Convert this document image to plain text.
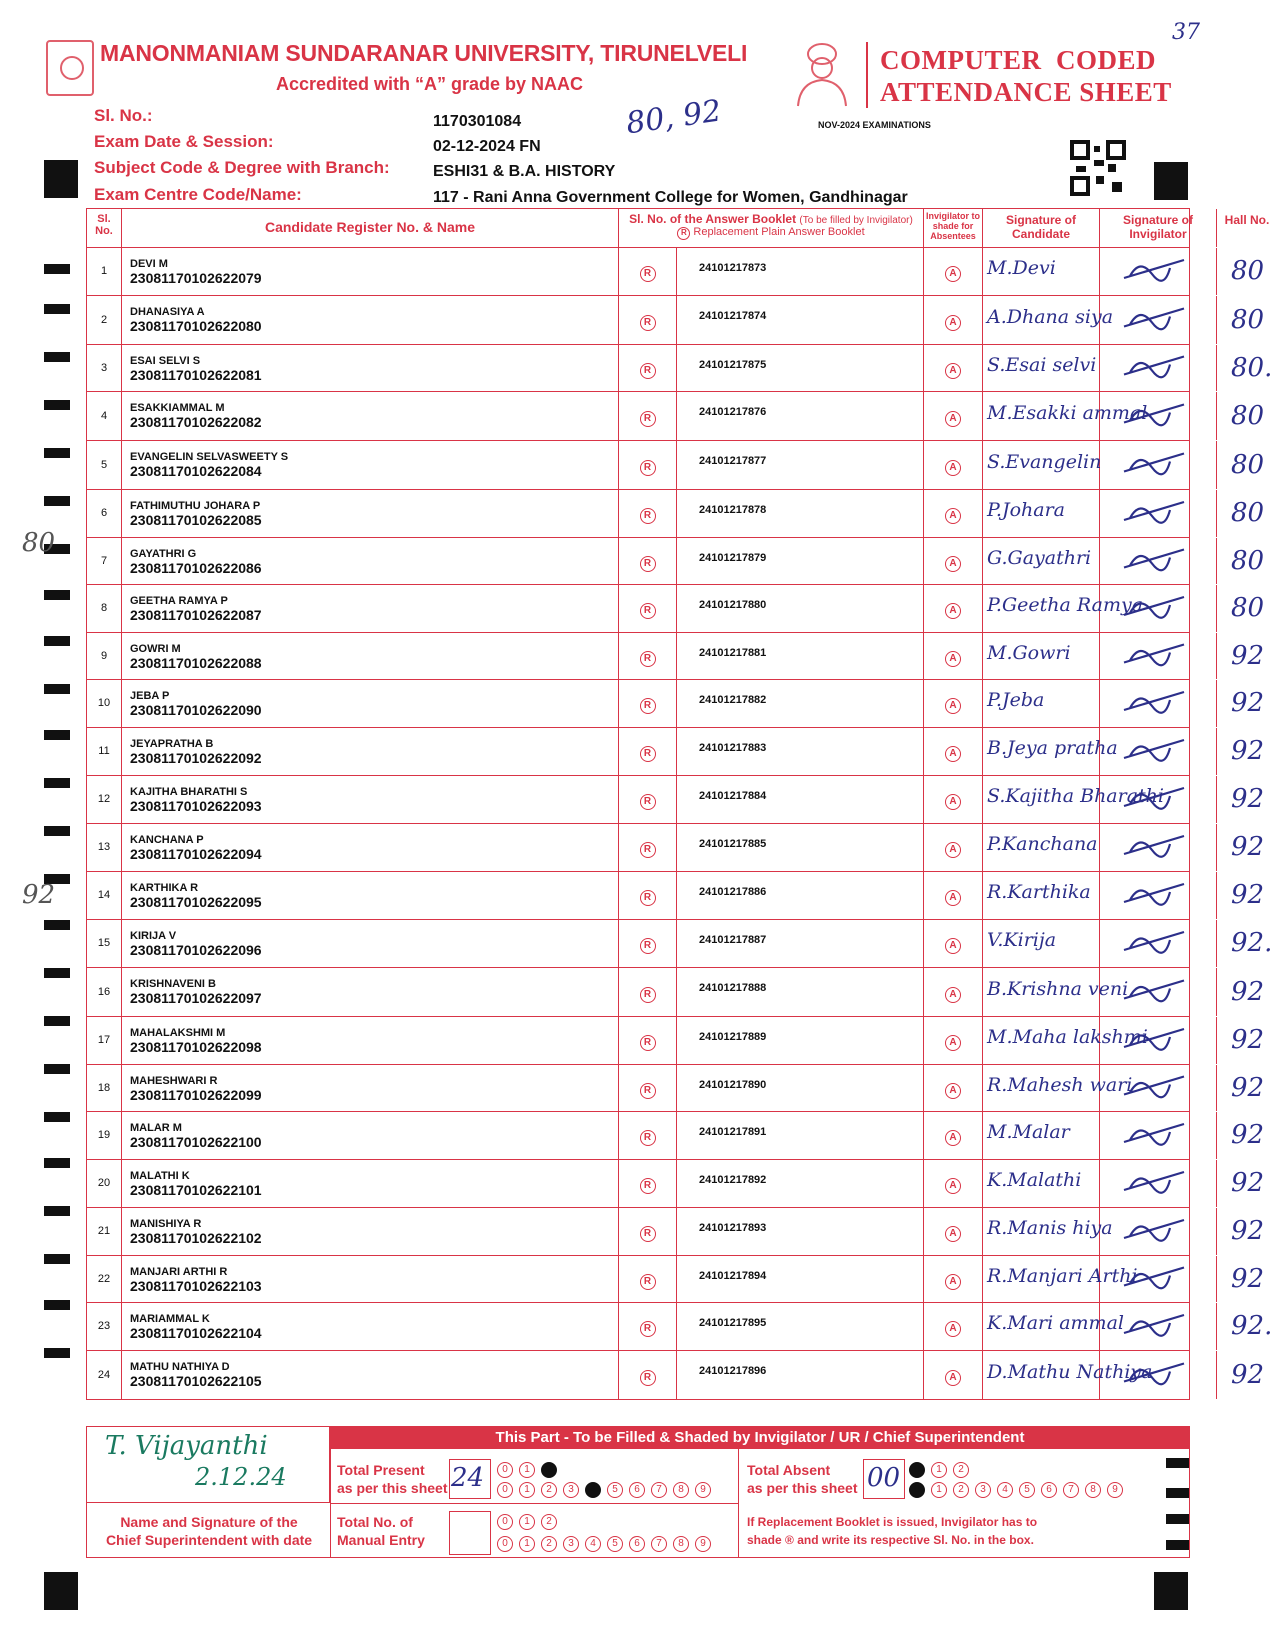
37
MANONMANIAM SUNDARANAR UNIVERSITY, TIRUNELVELI
Accredited with “A” grade by NAAC
COMPUTER  CODED
ATTENDANCE SHEET
NOV-2024 EXAMINATIONS
Sl. No.:	1170301084
Exam Date & Session:	02-12-2024 FN
80, 92
Subject Code & Degree with Branch:	ESHI31 & B.A. HISTORY
Exam Centre Code/Name:	117 - Rani Anna Government College for Women, Gandhinagar
80
92
Sl. No.	Candidate Register No. & Name	Sl. No. of the Answer Booklet (To be filled by Invigilator)
R Replacement Plain Answer Booklet
Invigilator to shade for Absentees
Signature of Candidate
Signature of Invigilator
Hall No.
1
DEVI M
23081170102622079	R	24101217873	A	M.Devi	80
2
DHANASIYA A
23081170102622080	R	24101217874	A	A.Dhana siya	80
3
ESAI SELVI S
23081170102622081	R	24101217875	A	S.Esai selvi	80.
4
ESAKKIAMMAL M
23081170102622082	R	24101217876	A	M.Esakki ammal	80
5
EVANGELIN SELVASWEETY S
23081170102622084	R	24101217877	A	S.Evangelin	80
6
FATHIMUTHU JOHARA P
23081170102622085	R	24101217878	A	P.Johara	80
7
GAYATHRI G
23081170102622086	R	24101217879	A	G.Gayathri	80
8
GEETHA RAMYA P
23081170102622087	R	24101217880	A	P.Geetha Ramya	80
9
GOWRI M
23081170102622088	R	24101217881	A	M.Gowri	92
10
JEBA P
23081170102622090	R	24101217882	A	P.Jeba	92
11
JEYAPRATHA B
23081170102622092	R	24101217883	A	B.Jeya pratha	92
12
KAJITHA BHARATHI S
23081170102622093	R	24101217884	A	S.Kajitha Bharathi	92
13
KANCHANA P
23081170102622094	R	24101217885	A	P.Kanchana	92
14
KARTHIKA R
23081170102622095	R	24101217886	A	R.Karthika	92
15
KIRIJA V
23081170102622096	R	24101217887	A	V.Kirija	92.
16
KRISHNAVENI B
23081170102622097	R	24101217888	A	B.Krishna veni	92
17
MAHALAKSHMI M
23081170102622098	R	24101217889	A	M.Maha lakshmi	92
18
MAHESHWARI R
23081170102622099	R	24101217890	A	R.Mahesh wari	92
19
MALAR M
23081170102622100	R	24101217891	A	M.Malar	92
20
MALATHI K
23081170102622101	R	24101217892	A	K.Malathi	92
21
MANISHIYA R
23081170102622102	R	24101217893	A	R.Manis hiya	92
22
MANJARI ARTHI R
23081170102622103	R	24101217894	A	R.Manjari Arthi	92
23
MARIAMMAL K
23081170102622104	R	24101217895	A	K.Mari ammal	92.
24
MATHU NATHIYA D
23081170102622105	R	24101217896	A	D.Mathu Nathiya	92
This Part - To be Filled & Shaded by Invigilator / UR / Chief Superintendent
T. Vijayanthi
2.12.24
Name and Signature of the
Chief Superintendent with date
Total Present
as per this sheet 24	0 1 2
0 1 2 3 4 5 6 7 8 9
Total No. of
Manual Entry
0 1 2
0 1 2 3 4 5 6 7 8 9
Total Absent
as per this sheet 00	0 1 2
0 1 2 3 4 5 6 7 8 9
If Replacement Booklet is issued, Invigilator has to
shade ® and write its respective Sl. No. in the box.
